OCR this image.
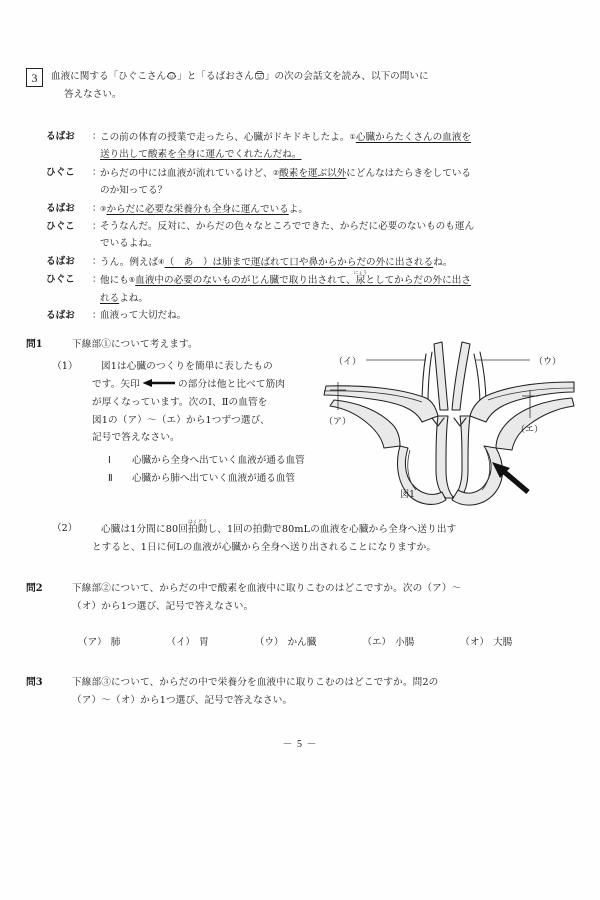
3 血液に関する「ひぐこさん 」と「るばおさん 」の次の会話文を読み、以下の問いに
答えなさい。
るばお	：
この前の体育の授業で走ったら、心臓がドキドキしたよ。①心臓からたくさんの血液を
送り出して酸素を全身に運んでくれたんだね。
ひぐこ	：
からだの中には血液が流れているけど、②酸素を運ぶ以外にどんなはたらきをしている
のか知ってる？
るばお	：
③からだに必要な栄養分も全身に運んでいるよ。
ひぐこ	：
そうなんだ。反対に、からだの色々なところでできた、からだに必要のないものも運ん
でいるよね。
るばお	：
うん。例えば④（　あ　）は肺まで運ばれて口や鼻からからだの外に出されるね。
ひぐこ	：
他にも⑤血液中の必要のないものがじん臓で取り出されて、尿にょうとしてからだの外に出さ
れるよね。
るばお	：
血液って大切だね。
問1	下線部①について考えます。
（1）	図1は心臓のつくりを簡単に表したもの
です。矢印	の部分は他と比べて筋肉
が厚くなっています。次のⅠ、Ⅱの血管を
図1の（ア）～（エ）から1つずつ選び、
記号で答えなさい。
Ⅰ	心臓から全身へ出ていく血液が通る血管
Ⅱ	心臓から肺へ出ていく血液が通る血管
（イ）	（ウ）
（ア）
（エ）
図1
（2）	心臓は1分間に80回拍動はくどうし、1回の拍動で80mLの血液を心臓から全身へ送り出す
とすると、1日に何Lの血液が心臓から全身へ送り出されることになりますか。
問2	下線部②について、からだの中で酸素を血液中に取りこむのはどこですか。次の（ア）～
（オ）から1つ選び、記号で答えなさい。
（ア） 肺	（イ） 胃	（ウ） かん臓	（エ） 小腸	（オ） 大腸
問3	下線部③について、からだの中で栄養分を血液中に取りこむのはどこですか。問2の
（ア）～（オ）から1つ選び、記号で答えなさい。
－ 5 －
